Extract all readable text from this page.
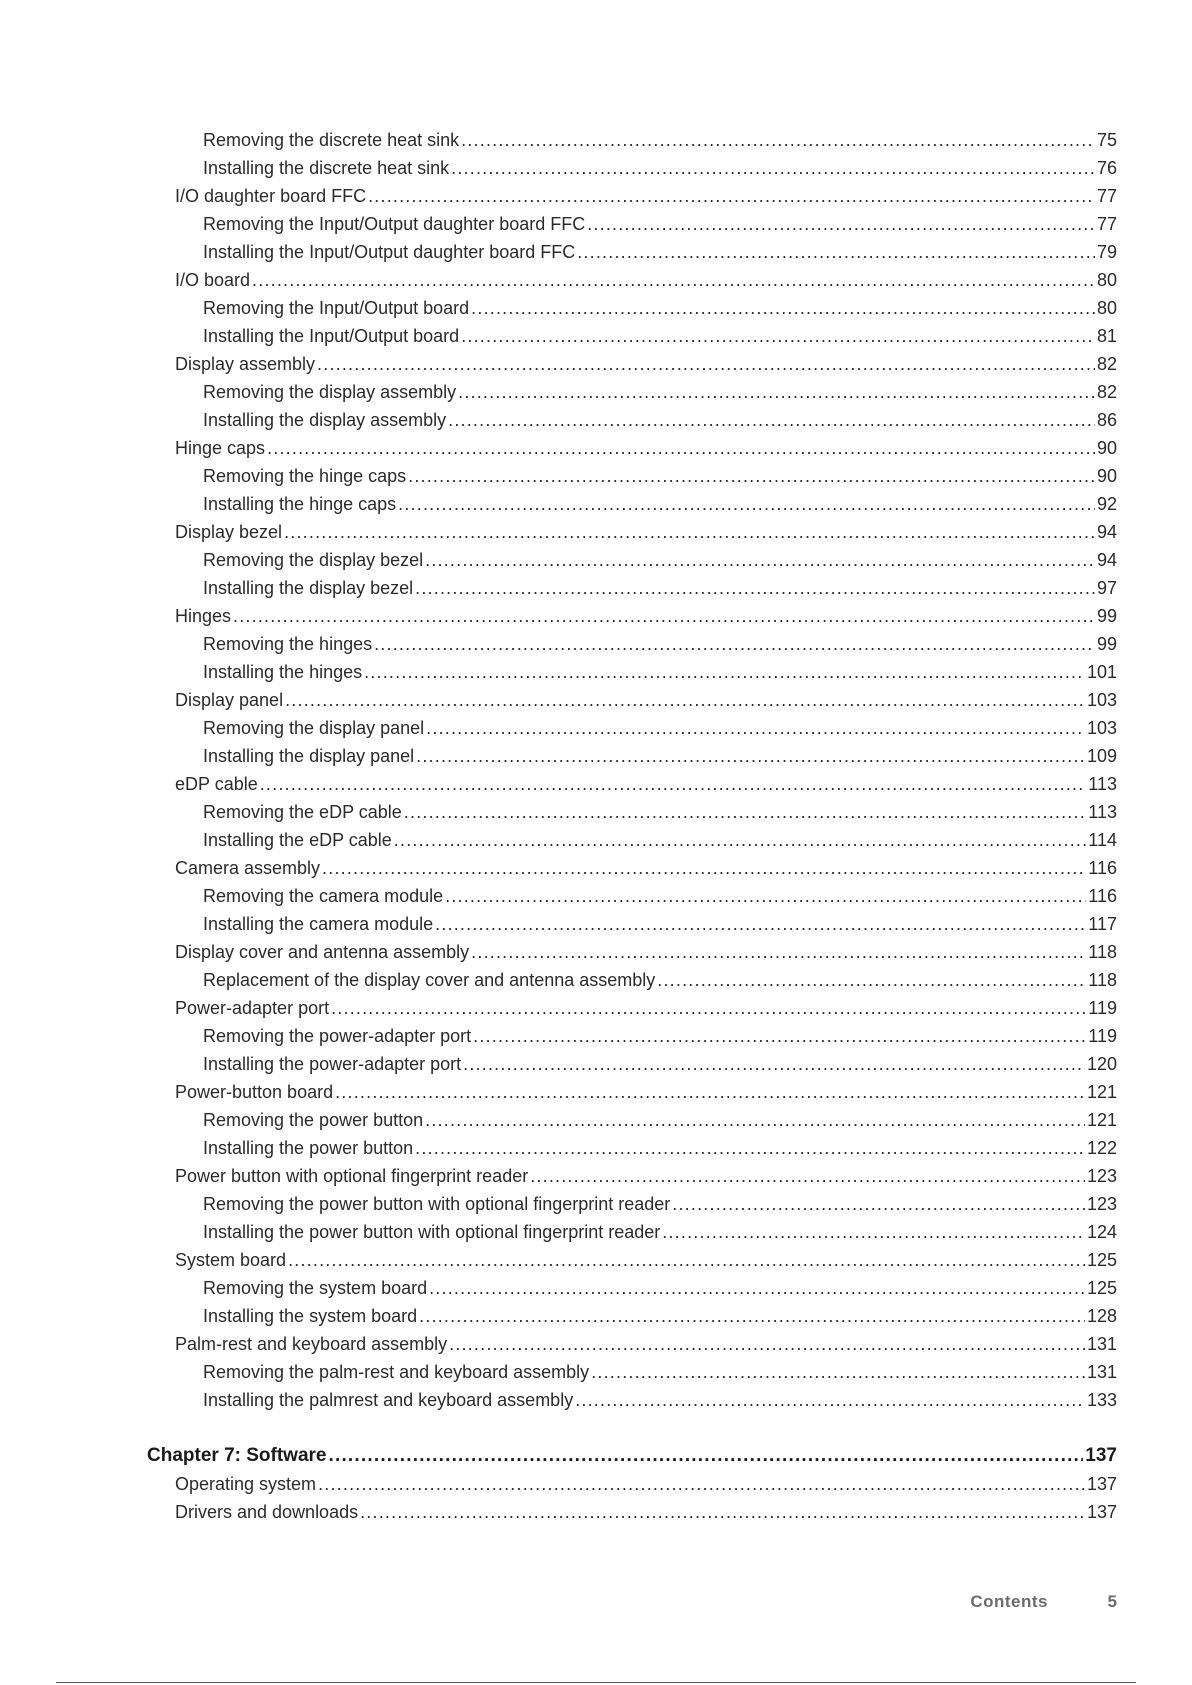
Removing the discrete heat sink .....	75
Installing the discrete heat sink .....	76
I/O daughter board FFC .....	77
Removing the Input/Output daughter board FFC .....	77
Installing the Input/Output daughter board FFC .....	79
I/O board .....	80
Removing the Input/Output board .....	80
Installing the Input/Output board .....	81
Display assembly .....	82
Removing the display assembly .....	82
Installing the display assembly .....	86
Hinge caps .....	90
Removing the hinge caps .....	90
Installing the hinge caps .....	92
Display bezel .....	94
Removing the display bezel .....	94
Installing the display bezel .....	97
Hinges .....	99
Removing the hinges .....	99
Installing the hinges .....	101
Display panel .....	103
Removing the display panel .....	103
Installing the display panel .....	109
eDP cable .....	113
Removing the eDP cable .....	113
Installing the eDP cable .....	114
Camera assembly .....	116
Removing the camera module .....	116
Installing the camera module .....	117
Display cover and antenna assembly .....	118
Replacement of the display cover and antenna assembly .....	118
Power-adapter port .....	119
Removing the power-adapter port .....	119
Installing the power-adapter port .....	120
Power-button board .....	121
Removing the power button .....	121
Installing the power button .....	122
Power button with optional fingerprint reader .....	123
Removing the power button with optional fingerprint reader .....	123
Installing the power button with optional fingerprint reader .....	124
System board .....	125
Removing the system board .....	125
Installing the system board .....	128
Palm-rest and keyboard assembly .....	131
Removing the palm-rest and keyboard assembly .....	131
Installing the palmrest and keyboard assembly .....	133
Chapter 7: Software .....	137
Operating system .....	137
Drivers and downloads .....	137
Contents	5
